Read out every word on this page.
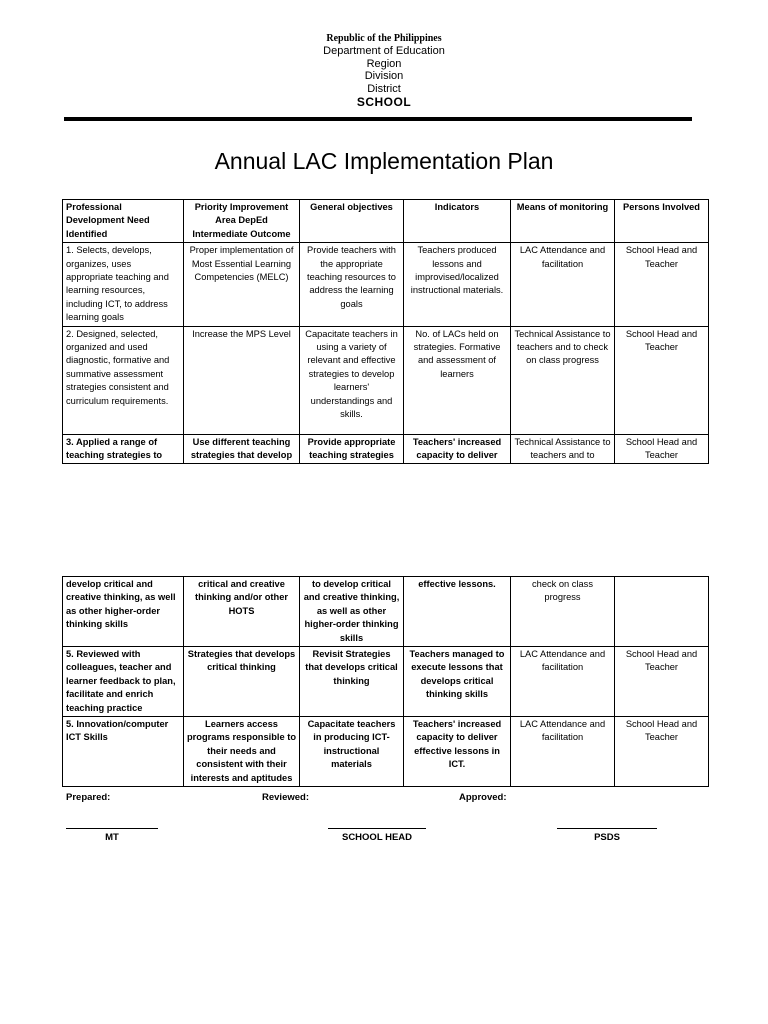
Republic of the Philippines
Department of Education
Region
Division
District
SCHOOL
Annual LAC Implementation Plan
Professional Development Need Identified	Priority Improvement Area DepEd Intermediate Outcome	General objectives	Indicators	Means of monitoring	Persons Involved
1. Selects, develops, organizes, uses appropriate teaching and learning resources, including ICT, to address learning goals	Proper implementation of Most Essential Learning Competencies (MELC)	Provide teachers with the appropriate teaching resources to address the learning goals	Teachers produced lessons and improvised/localized instructional materials.	LAC Attendance and facilitation	School Head and Teacher
2. Designed, selected, organized and used diagnostic, formative and summative assessment strategies consistent and curriculum requirements.	Increase the MPS Level	Capacitate teachers in using a variety of relevant and effective strategies to develop learners' understandings and skills.	No. of LACs held on strategies. Formative and assessment of learners	Technical Assistance to teachers and to check on class progress	School Head and Teacher
3. Applied a range of teaching strategies to	Use different teaching strategies that develop	Provide appropriate teaching strategies	Teachers' increased capacity to deliver	Technical Assistance to teachers and to	School Head and Teacher
develop critical and creative thinking, as well as other higher-order thinking skills	critical and creative thinking and/or other HOTS	to develop critical and creative thinking, as well as other higher-order thinking skills	effective lessons.	check on class progress	
5. Reviewed with colleagues, teacher and learner feedback to plan, facilitate and enrich teaching practice	Strategies that develops critical thinking	Revisit Strategies that develops critical thinking	Teachers managed to execute lessons that develops critical thinking skills	LAC Attendance and facilitation	School Head and Teacher
5. Innovation/computer ICT Skills	Learners access programs responsible to their needs and consistent with their interests and aptitudes	Capacitate teachers in producing ICT-instructional materials	Teachers' increased capacity to deliver effective lessons in ICT.	LAC Attendance and facilitation	School Head and Teacher
Prepared:	Reviewed:	Approved:
MT	SCHOOL HEAD	PSDS
